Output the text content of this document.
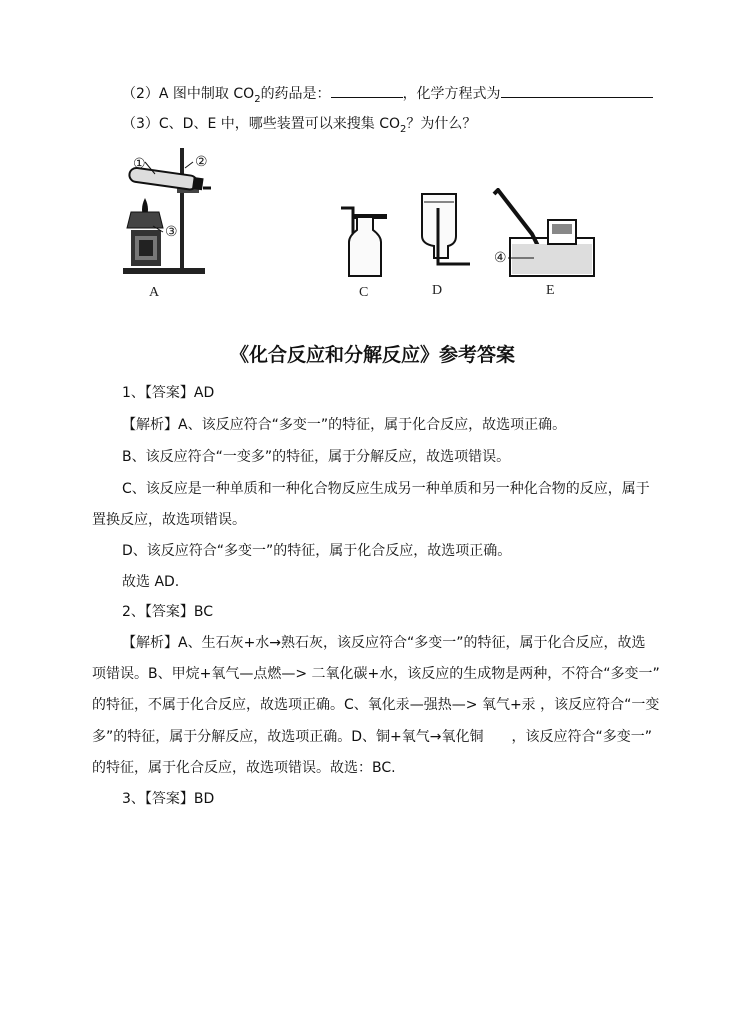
（2）A 图中制取 $CO_2$的药品是：	，化学方程式为
（3）C、D、E 中，哪些装置可以来搜集 $CO_2$？为什么？
①	②
③
A	C	D
④
E
《化合反应和分解反应》参考答案
1、【答案】AD
【解析】A、该反应符合“多变一”的特征，属于化合反应，故选项正确。
B、该反应符合“一变多”的特征，属于分解反应，故选项错误。
C、该反应是一种单质和一种化合物反应生成另一种单质和另一种化合物的反应，属于
置换反应，故选项错误。
D、该反应符合“多变一”的特征，属于化合反应，故选项正确。
故选 AD.
2、【答案】BC
【解析】A、生石灰+水→熟石灰，该反应符合“多变一”的特征，属于化合反应，故选
项错误。B、甲烷+氧气—点燃—> 二氧化碳+水，该反应的生成物是两种，不符合“多变一”
的特征，不属于化合反应，故选项正确。C、氧化汞—强热—> 氧气+汞 ，该反应符合“一变
多”的特征，属于分解反应，故选项正确。D、铜+氧气→氧化铜　　，该反应符合“多变一”
的特征，属于化合反应，故选项错误。故选：BC.
3、【答案】BD
